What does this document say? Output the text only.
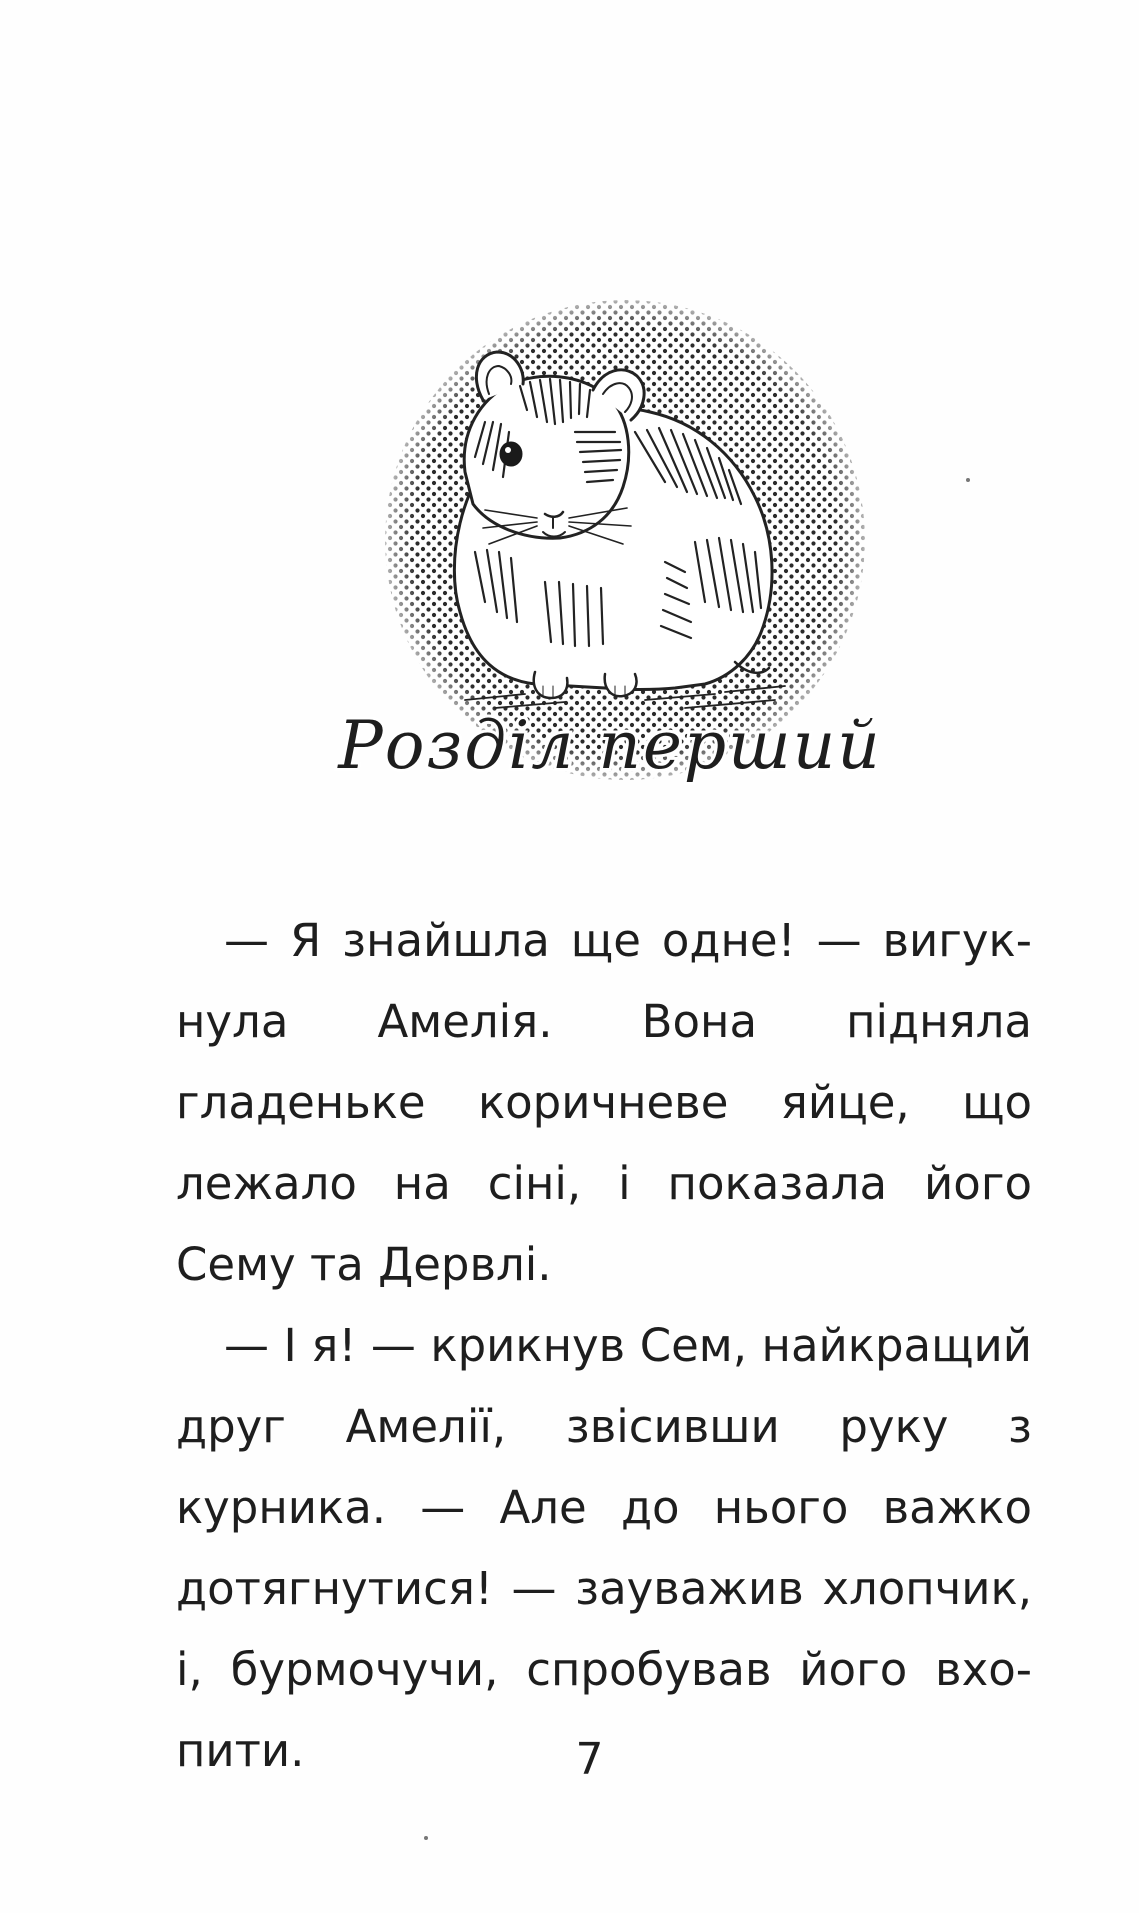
Розділ перший

— Я знайшла ще одне! — вигукнула Амелія. Вона підняла гладеньке коричневе яйце, що лежало на сіні, і показала його Сему та Дервлі.

— І я! — крикнув Сем, найкращий друг Амелії, звісивши руку з курника. — Але до нього важко дотягнутися! — зауважив хлопчик, і, бурмочучи, спробував його вхопити.	7
